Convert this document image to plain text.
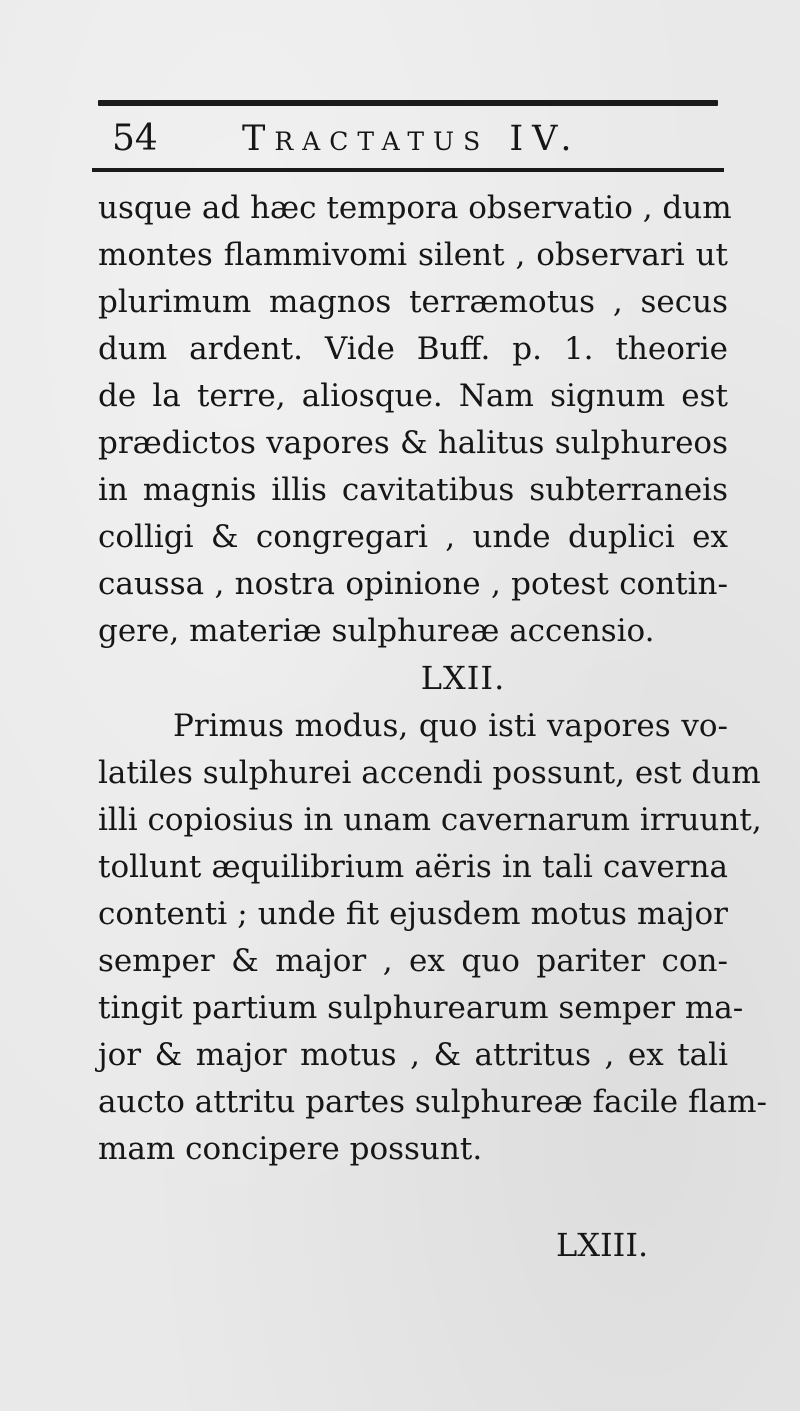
54 Tractatus IV.
usque ad hæc tempora observatio , dum
montes flammivomi silent , observari ut
plurimum magnos terræmotus , secus
dum ardent. Vide Buff. p. 1. theorie
de la terre, aliosque. Nam signum est
prædictos vapores & halitus sulphureos
in magnis illis cavitatibus subterraneis
colligi & congregari , unde duplici ex
caussa , nostra opinione , potest contin-
gere, materiæ sulphureæ accensio.
LXII.
Primus modus, quo isti vapores vo-
latiles sulphurei accendi possunt, est dum
illi copiosius in unam cavernarum irruunt,
tollunt æquilibrium aëris in tali caverna
contenti ; unde fit ejusdem motus major
semper & major , ex quo pariter con-
tingit partium sulphurearum semper ma-
jor & major motus , & attritus , ex tali
aucto attritu partes sulphureæ facile flam-
mam concipere possunt.
LXIII.
